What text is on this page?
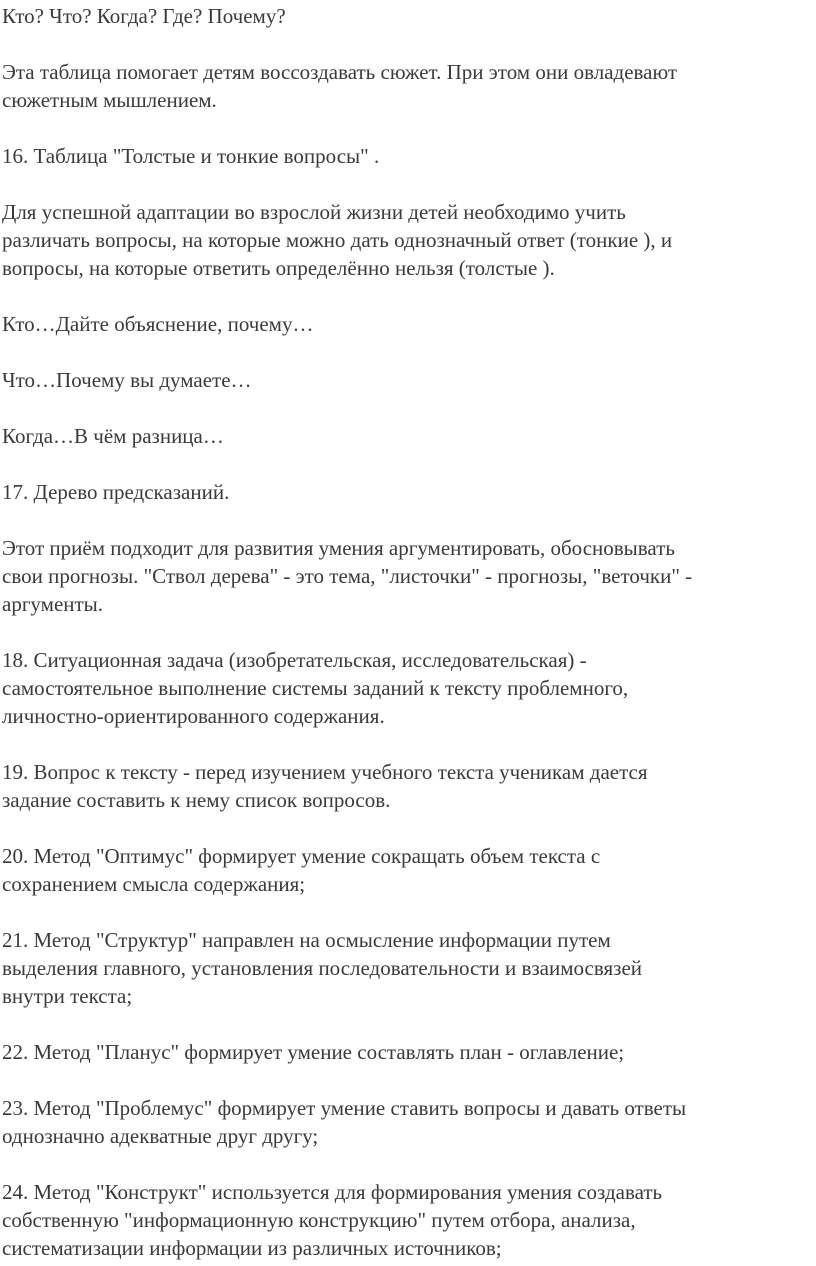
Кто? Что? Когда? Где? Почему?
Эта таблица помогает детям воссоздавать сюжет. При этом они овладевают
сюжетным мышлением.
16. Таблица "Толстые и тонкие вопросы" .
Для успешной адаптации во взрослой жизни детей необходимо учить
различать вопросы, на которые можно дать однозначный ответ (тонкие ), и
вопросы, на которые ответить определённо нельзя (толстые ).
Кто…Дайте объяснение, почему…
Что…Почему вы думаете…
Когда…В чём разница…
17. Дерево предсказаний.
Этот приём подходит для развития умения аргументировать, обосновывать
свои прогнозы. "Ствол дерева" - это тема, "листочки" - прогнозы, "веточки" -
аргументы.
18. Ситуационная задача (изобретательская, исследовательская) -
самостоятельное выполнение системы заданий к тексту проблемного,
личностно-ориентированного содержания.
19. Вопрос к тексту - перед изучением учебного текста ученикам дается
задание составить к нему список вопросов.
20. Метод "Оптимус" формирует умение сокращать объем текста с
сохранением смысла содержания;
21. Метод "Структур" направлен на осмысление информации путем
выделения главного, установления последовательности и взаимосвязей
внутри текста;
22. Метод "Планус" формирует умение составлять план - оглавление;
23. Метод "Проблемус" формирует умение ставить вопросы и давать ответы
однозначно адекватные друг другу;
24. Метод "Конструкт" используется для формирования умения создавать
собственную "информационную конструкцию" путем отбора, анализа,
систематизации информации из различных источников;
